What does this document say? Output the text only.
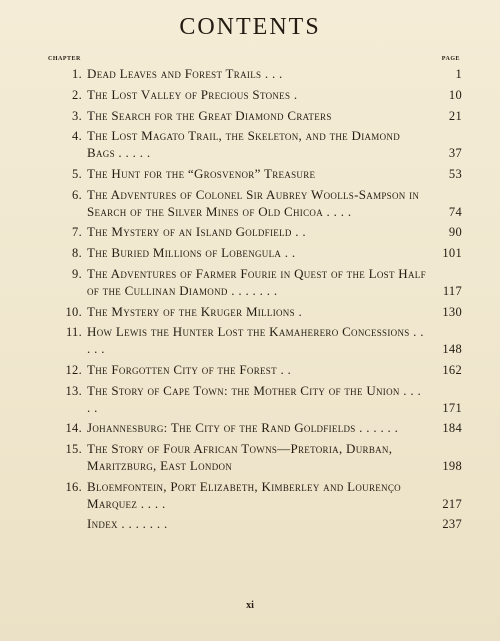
CONTENTS
CHAPTER	PAGE
1. Dead Leaves and Forest Trails . . .	1
2. The Lost Valley of Precious Stones .	10
3. The Search for the Great Diamond Craters	21
4. The Lost Magato Trail, the Skeleton, and the Diamond Bags . . . . .	37
5. The Hunt for the “Grosvenor” Treasure	53
6. The Adventures of Colonel Sir Aubrey Woolls-Sampson in Search of the Silver Mines of Old Chicoa . . . .	74
7. The Mystery of an Island Goldfield . .	90
8. The Buried Millions of Lobengula . .	101
9. The Adventures of Farmer Fourie in Quest of the Lost Half of the Cullinan Diamond . . . . . . .	117
10. The Mystery of the Kruger Millions .	130
11. How Lewis the Hunter Lost the Kamaherero Concessions . . . . .	148
12. The Forgotten City of the Forest . .	162
13. The Story of Cape Town: the Mother City of the Union . . . . .	171
14. Johannesburg: The City of the Rand Goldfields . . . . . .	184
15. The Story of Four African Towns—Pretoria, Durban, Maritzburg, East London	198
16. Bloemfontein, Port Elizabeth, Kimberley and Lourenço Marquez . . . .	217
Index . . . . . . .	237
xi
